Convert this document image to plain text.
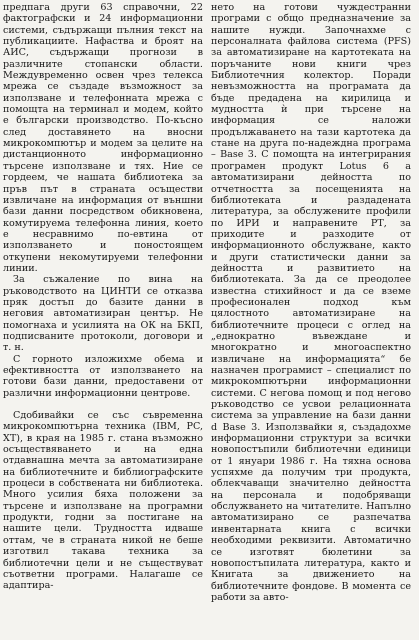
предпага други 63 справочни, 22 фактографски и 24 информационни системи, съдържащи пълния текст на публикациите. Нафаства и броят на АИС, съдържащи прогнози в различните стопански области. Междувременно освен чрез телекса мрежа се създаде възможност за използване и телефонната мрежа с помощта на терминал и модем, който е български производство. По-късно след доставянето на вносни микрокомпютър и модем за целите на дистанционното информационно търсене използване и тях. Ние се гордеем, че нашата библиотека за пръв път в страната осъществи извличане на информация от външни бази данни посредством обикновена, комутируема телефонна линия, което е несравнимо по-евтина от използването и поностоящем откупени некомутируеми телефонни линии.

За съжаление по вина на ръководството на ЦИНТИ се отказва пряк достъп до базите данни в неговия автоматизиран център. Не помогнаха и усилията на ОК на БКП, подписваните протоколи, договори и т. н.

С горното изложихме обема и ефективността от използването на готови бази данни, предоставени от различни информационни центрове.

Сдобивайки се със съвременна микрокомпютърна техника (IBM, PC, XT), в края на 1985 г. стана възможно осъществяването и на една отдавнашна мечта за автоматизиране на библиотечните и библиографските процеси в собствената ни библиотека. Много усилия бяха положени за търсене и използване на програмни продукти, годни за постигане на нашите цели. Трудността идваше оттам, че в страната никой не беше изготвил такава техника за библиотечни цели и не съществуват съответни програми. Налагаше се адаптира-

нето на готови чуждестранни програми с общо предназначение за нашите нужди. Започнахме с персоналната файлова система (PFS) за автоматизиране на картотеката на поръчаните нови книги чрез Библиотечния колектор. Поради невъзможността на програмата да бъде предадена на кирилица и мудността ѝ при търсене на информация се наложи продължаването на тази картотека да стане на друга по-надеждна програма – Base 3. С помощта на интегрирания програмен продукт Lotus 6 а автоматизирани дейността по отчетността за посещенията на библиотеката и раздадената литература, за обслужените профили по ИРИ и направените РТ, за приходите и разходите от информационното обслужване, както и други статистически данни за дейността и развитието на библиотеката. За да се преодолее известна стихийност и да се вземе професионален подход към цялостното автоматизиране на библиотечните процеси с оглед на „еднократно въвеждане и многократно и многоаспектно извличане на информацията“ бе назначен програмист – специалист по микрокомпютърни информационни системи. С негова помощ и под негово ръководство се усвои релационната система за управление на бази данни d Base 3. Използвайки я, създадохме информационни структури за всички новопостъпили библиотечни единици от 1 януари 1986 г. На тяхна основа успяхме да получим три продукта, облекчаващи значително дейността на персонала и подобряващи обслужването на читателите. Напълно автоматизирано се разпечатва инвентарната книга с всички необходими реквизити. Автоматично се изготвят бюлетини за новопостъпилата литература, както и Книгата за движението на библиотечните фондове. В момента се работи за авто-
